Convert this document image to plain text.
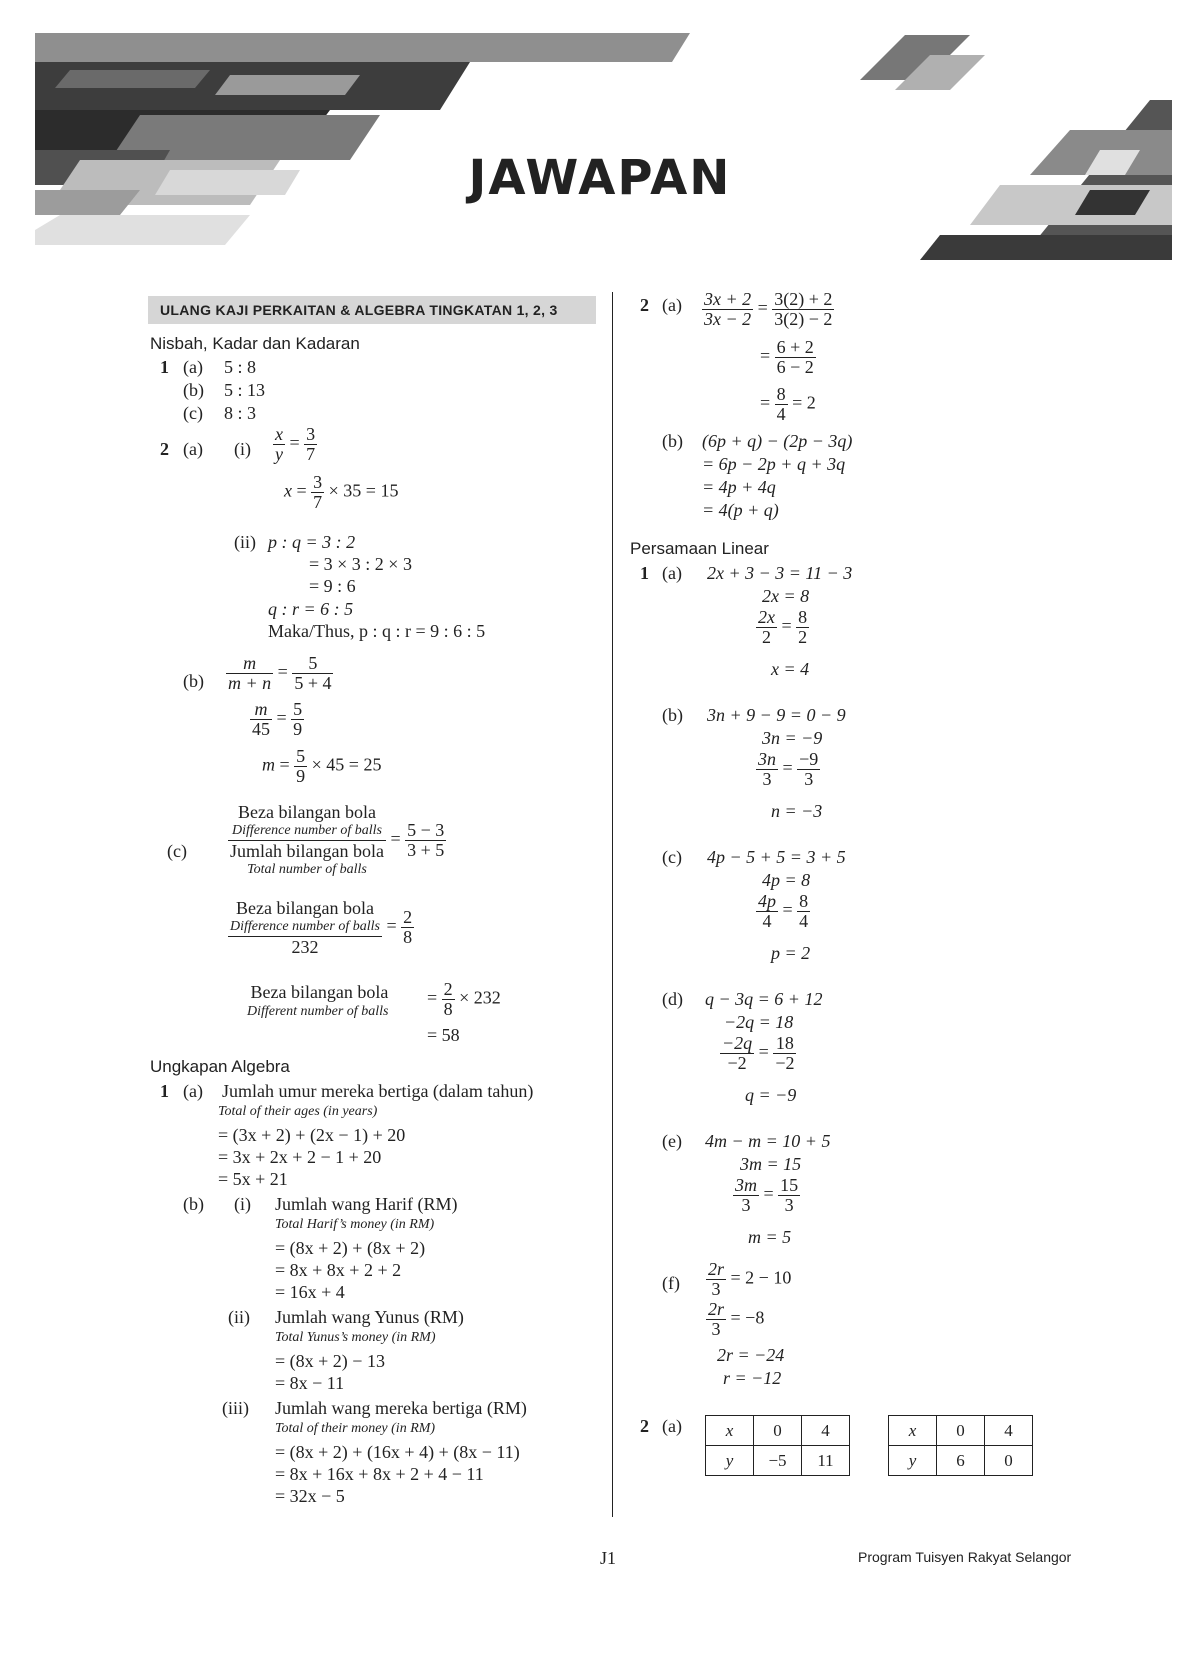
JAWAPAN
ULANG KAJI PERKAITAN & ALGEBRA TINGKATAN 1, 2, 3
Nisbah, Kadar dan Kadaran
1 (a) 5 : 8
(b) 5 : 13
(c) 8 : 3
2 (a) $(i) \frac{x}{y} = \frac{3}{7}$
$x = \frac{3}{7} \times 35 = 15$
(ii) p : q = 3 : 2
= 3 × 3 : 2 × 3
= 9 : 6
q : r = 6 : 5
Maka/Thus, p : q : r = 9 : 6 : 5
$(b) \frac{m}{m + n} = \frac{5}{5 + 4}$
$\frac{m}{45} = \frac{5}{9}$
$m = \frac{5}{9} \times 45 = 25$
(c) Beza bilangan bola
Difference number of balls
Jumlah bilangan bola
Total number of balls = $\frac{5 - 3}{3 + 5}$
Beza bilangan bola
Difference number of balls
$232 = \frac{2}{8}$
Beza bilangan bola
Different number of balls
= $\frac{2}{8} \times 232$
= 58
Ungkapan Algebra
1 (a) Jumlah umur mereka bertiga (dalam tahun)
Total of their ages (in years)
= (3x + 2) + (2x − 1) + 20
= 3x + 2x + 2 − 1 + 20
= 5x + 21
(b) (i) Jumlah wang Harif (RM)
Total Harif’s money (in RM)
= (8x + 2) + (8x + 2)
= 8x + 8x + 2 + 2
= 16x + 4
(ii) Jumlah wang Yunus (RM)
Total Yunus’s money (in RM)
= (8x + 2) − 13
= 8x − 11
(iii) Jumlah wang mereka bertiga (RM)
Total of their money (in RM)
= (8x + 2) + (16x + 4) + (8x − 11)
= 8x + 16x + 8x + 2 + 4 − 11
= 32x − 5
2 $(a) \frac{3x + 2}{3x - 2} = \frac{3(2) + 2}{3(2) - 2}$
= $\frac{6 + 2}{6 - 2}$
= $\frac{8}{4} = 2$
(b) (6p + q) − (2p − 3q)
= 6p − 2p + q + 3q
= 4p + 4q
= 4(p + q)
Persamaan Linear
1 (a) 2x + 3 − 3 = 11 − 3
2x = 8
$\frac{2x}{2} = \frac{8}{2}$
x = 4
(b) 3n + 9 − 9 = 0 − 9
3n = −9
$\frac{3n}{3} = \frac{-9}{3}$
n = −3
(c) 4p − 5 + 5 = 3 + 5
4p = 8
$\frac{4p}{4} = \frac{8}{4}$
p = 2
(d) q − 3q = 6 + 12
−2q = 18
$\frac{-2q}{-2} = \frac{18}{-2}$
q = −9
(e) 4m − m = 10 + 5
3m = 15
$\frac{3m}{3} = \frac{15}{3}$
m = 5
$(f) \frac{2r}{3} = 2 - 10$
$\frac{2r}{3} = -8$
2r = −24
r = −12
2 (a)	x	0	4
y	−5	11
x	0	4
y	6	0
J1	Program Tuisyen Rakyat Selangor
